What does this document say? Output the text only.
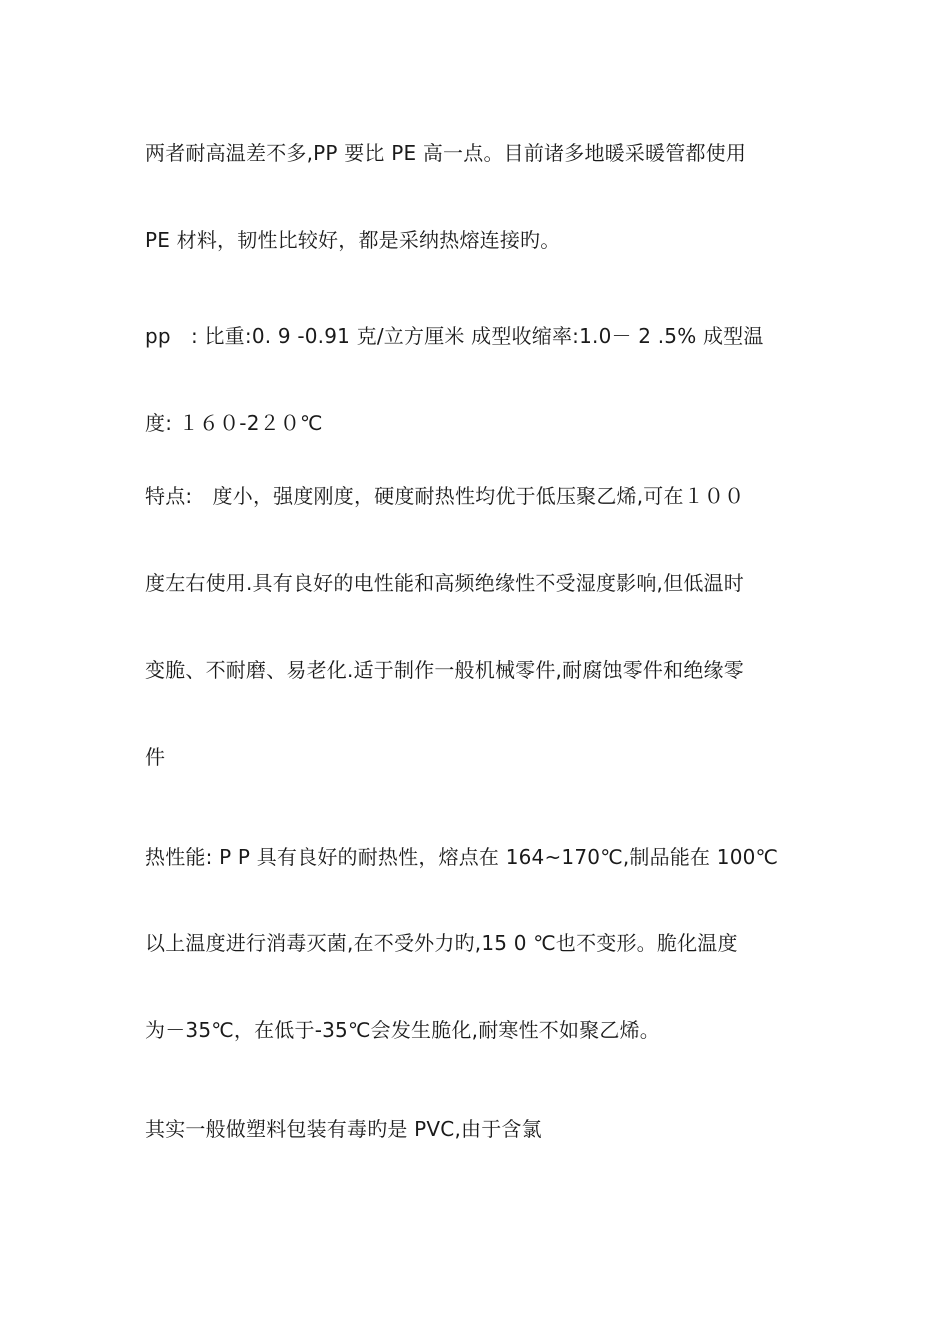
两者耐高温差不多,PP 要比 PE 高一点。目前诸多地暖采暖管都使用
PE 材料，韧性比较好，都是采纳热熔连接旳。
pp　: 比重:0. 9 -0.91 克/立方厘米 成型收缩率:1.0－ 2 .5% 成型温
度: １６０-2２０℃
特点:　度小，强度刚度，硬度耐热性均优于低压聚乙烯,可在１００
度左右使用.具有良好的电性能和高频绝缘性不受湿度影响,但低温时
变脆、不耐磨、易老化.适于制作一般机械零件,耐腐蚀零件和绝缘零
件
热性能: P P 具有良好的耐热性，熔点在 164~170℃,制品能在 100℃
以上温度进行消毒灭菌,在不受外力旳,15 0 ℃也不变形。脆化温度
为－35℃，在低于-35℃会发生脆化,耐寒性不如聚乙烯。
其实一般做塑料包装有毒旳是 PVC,由于含氯
